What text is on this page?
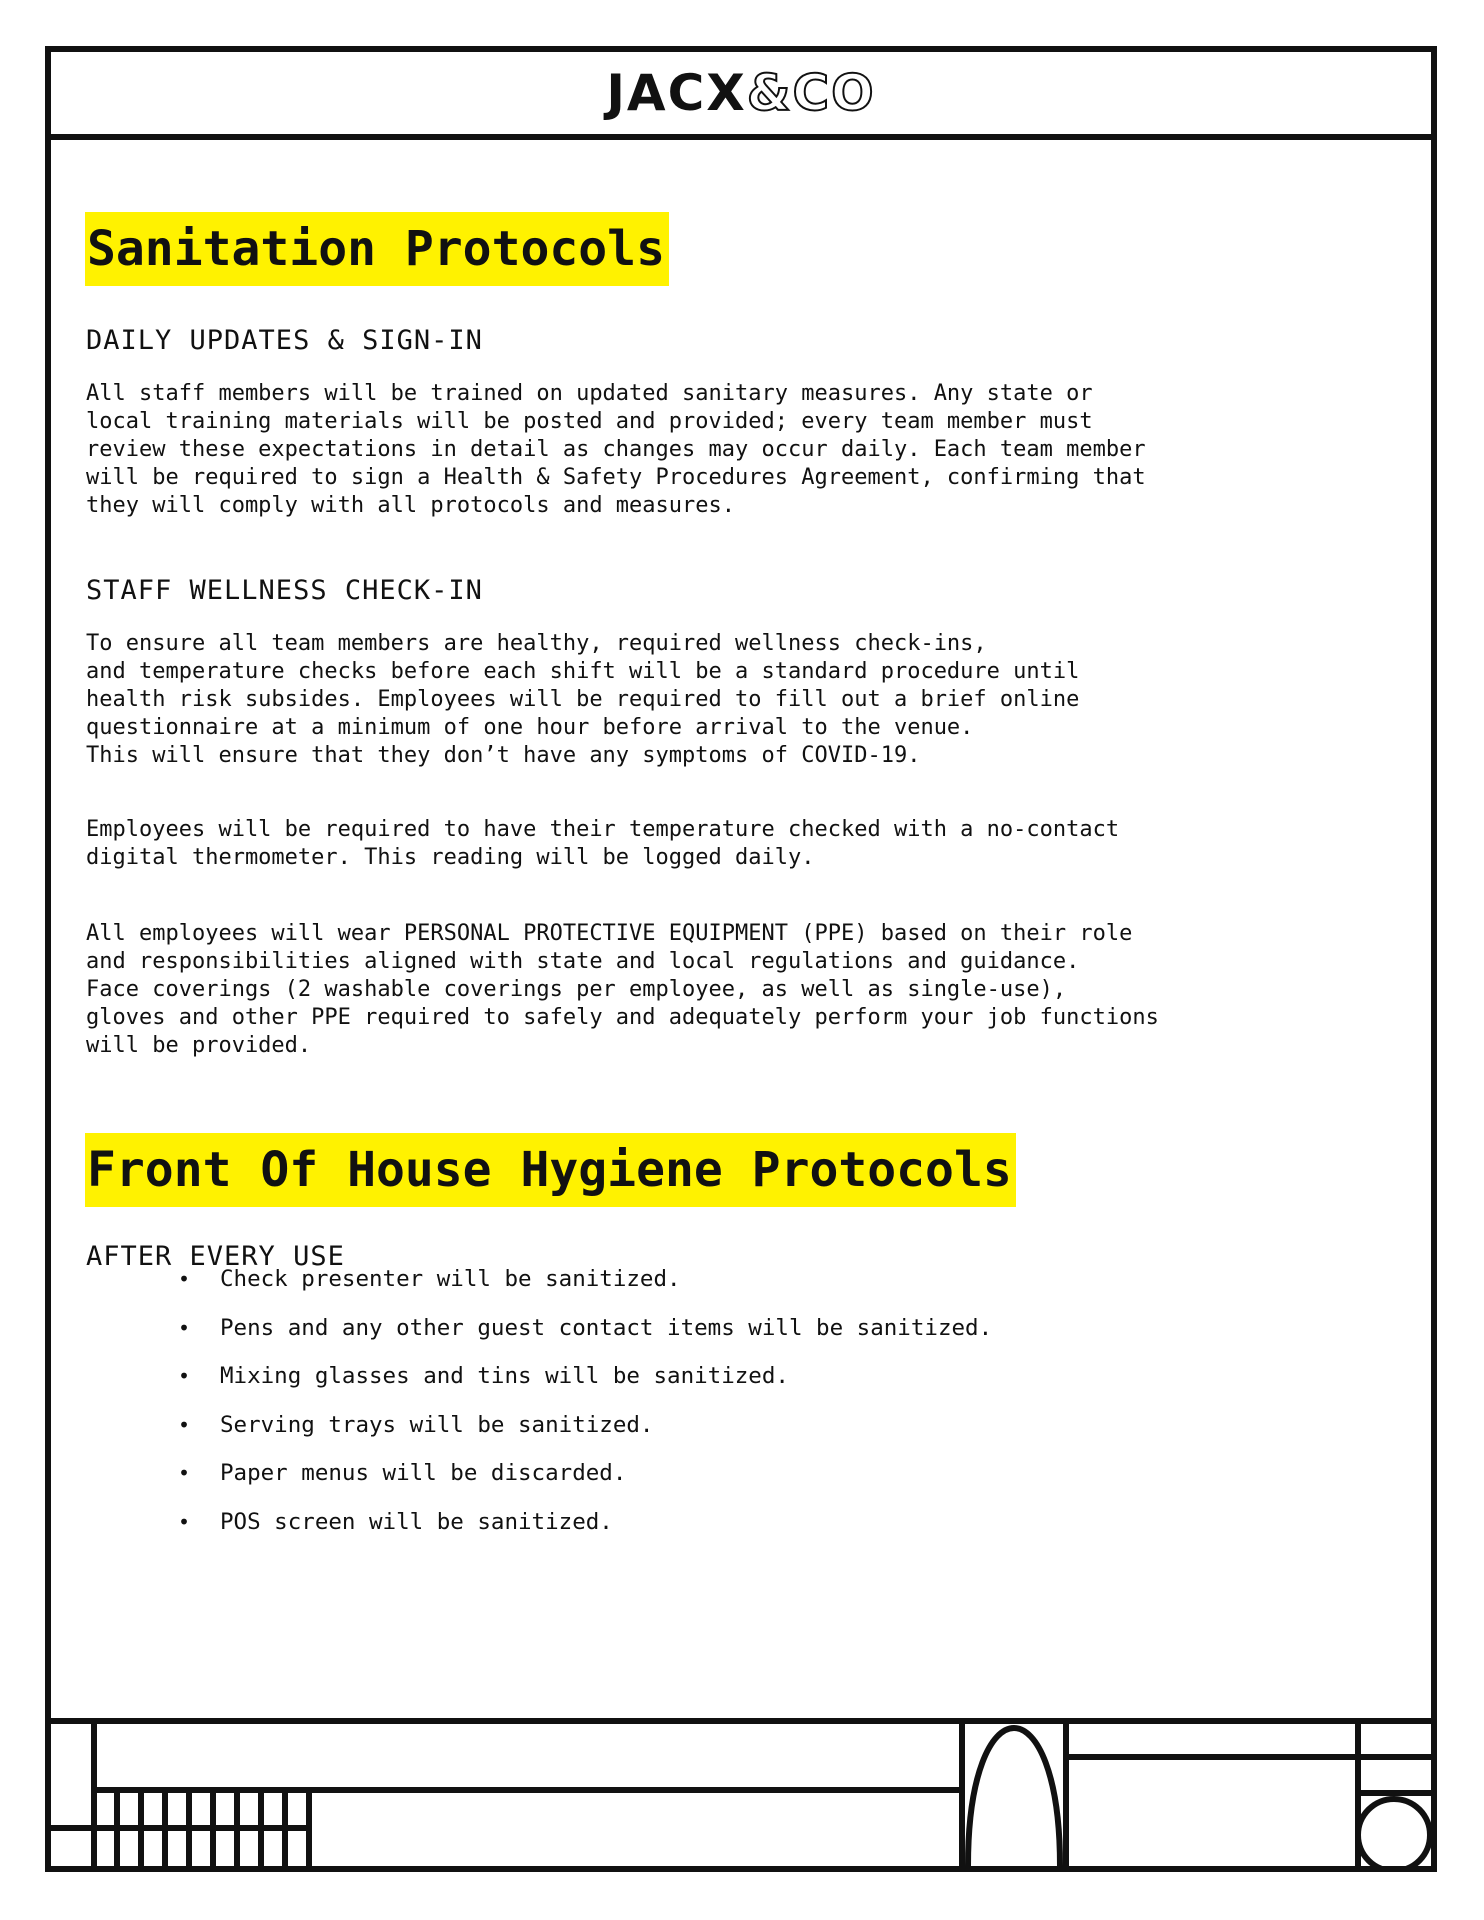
JACX&CO
Sanitation Protocols
DAILY UPDATES & SIGN-IN
All staff members will be trained on updated sanitary measures. Any state or
local training materials will be posted and provided; every team member must
review these expectations in detail as changes may occur daily. Each team member
will be required to sign a Health & Safety Procedures Agreement, confirming that
they will comply with all protocols and measures.
STAFF WELLNESS CHECK-IN
To ensure all team members are healthy, required wellness check-ins,
and temperature checks before each shift will be a standard procedure until
health risk subsides. Employees will be required to fill out a brief online
questionnaire at a minimum of one hour before arrival to the venue.
This will ensure that they don’t have any symptoms of COVID-19.
Employees will be required to have their temperature checked with a no-contact
digital thermometer. This reading will be logged daily.
All employees will wear PERSONAL PROTECTIVE EQUIPMENT (PPE) based on their role
and responsibilities aligned with state and local regulations and guidance.
Face coverings (2 washable coverings per employee, as well as single-use),
gloves and other PPE required to safely and adequately perform your job functions
will be provided.
Front Of House Hygiene Protocols
AFTER EVERY USE
• Check presenter will be sanitized.
• Pens and any other guest contact items will be sanitized.
• Mixing glasses and tins will be sanitized.
• Serving trays will be sanitized.
• Paper menus will be discarded.
• POS screen will be sanitized.
